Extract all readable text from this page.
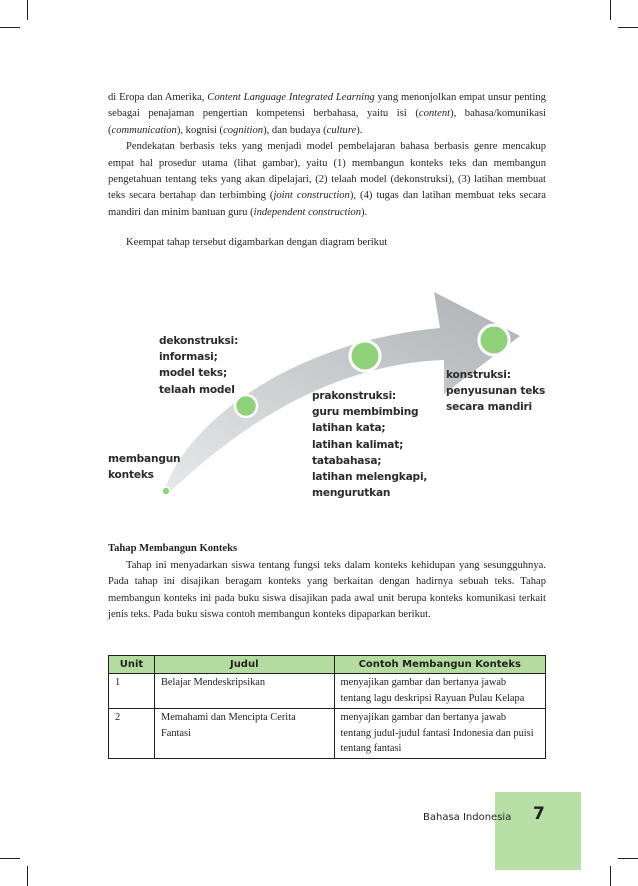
di Eropa dan Amerika, Content Language Integrated Learning yang menonjolkan empat unsur penting sebagai penajaman pengertian kompetensi berbahasa, yaitu isi (content), bahasa/komunikasi (communication), kognisi (cognition), dan budaya (culture).

Pendekatan berbasis teks yang menjadi model pembelajaran bahasa berbasis genre mencakup empat hal prosedur utama (lihat gambar), yaitu (1) membangun konteks teks dan membangun pengetahuan tentang teks yang akan dipelajari, (2) telaah model (dekonstruksi), (3) latihan membuat teks secara bertahap dan terbimbing (joint construction), (4) tugas dan latihan membuat teks secara mandiri dan minim bantuan guru (independent construction).

Keempat tahap tersebut digambarkan dengan diagram berikut

membangun
konteks
dekonstruksi:
informasi;
model teks;
telaah model
prakonstruksi:
guru membimbing
latihan kata;
latihan kalimat;
tatabahasa;
latihan melengkapi,
mengurutkan
konstruksi:
penyusunan teks
secara mandiri
Tahap Membangun Konteks

Tahap ini menyadarkan siswa tentang fungsi teks dalam konteks kehidupan yang sesungguhnya. Pada tahap ini disajikan beragam konteks yang berkaitan dengan hadirnya sebuah teks. Tahap membangun konteks ini pada buku siswa disajikan pada awal unit berupa konteks komunikasi terkait jenis teks. Pada buku siswa contoh membangun konteks dipaparkan berikut.

Unit	Judul	Contoh Membangun Konteks
1	Belajar Mendeskripsikan	menyajikan gambar dan bertanya jawab tentang lagu deskripsi Rayuan Pulau Kelapa
2	Memahami dan Mencipta Cerita Fantasi	menyajikan gambar dan bertanya jawab tentang judul-judul fantasi Indonesia dan puisi tentang fantasi
Bahasa Indonesia 7
